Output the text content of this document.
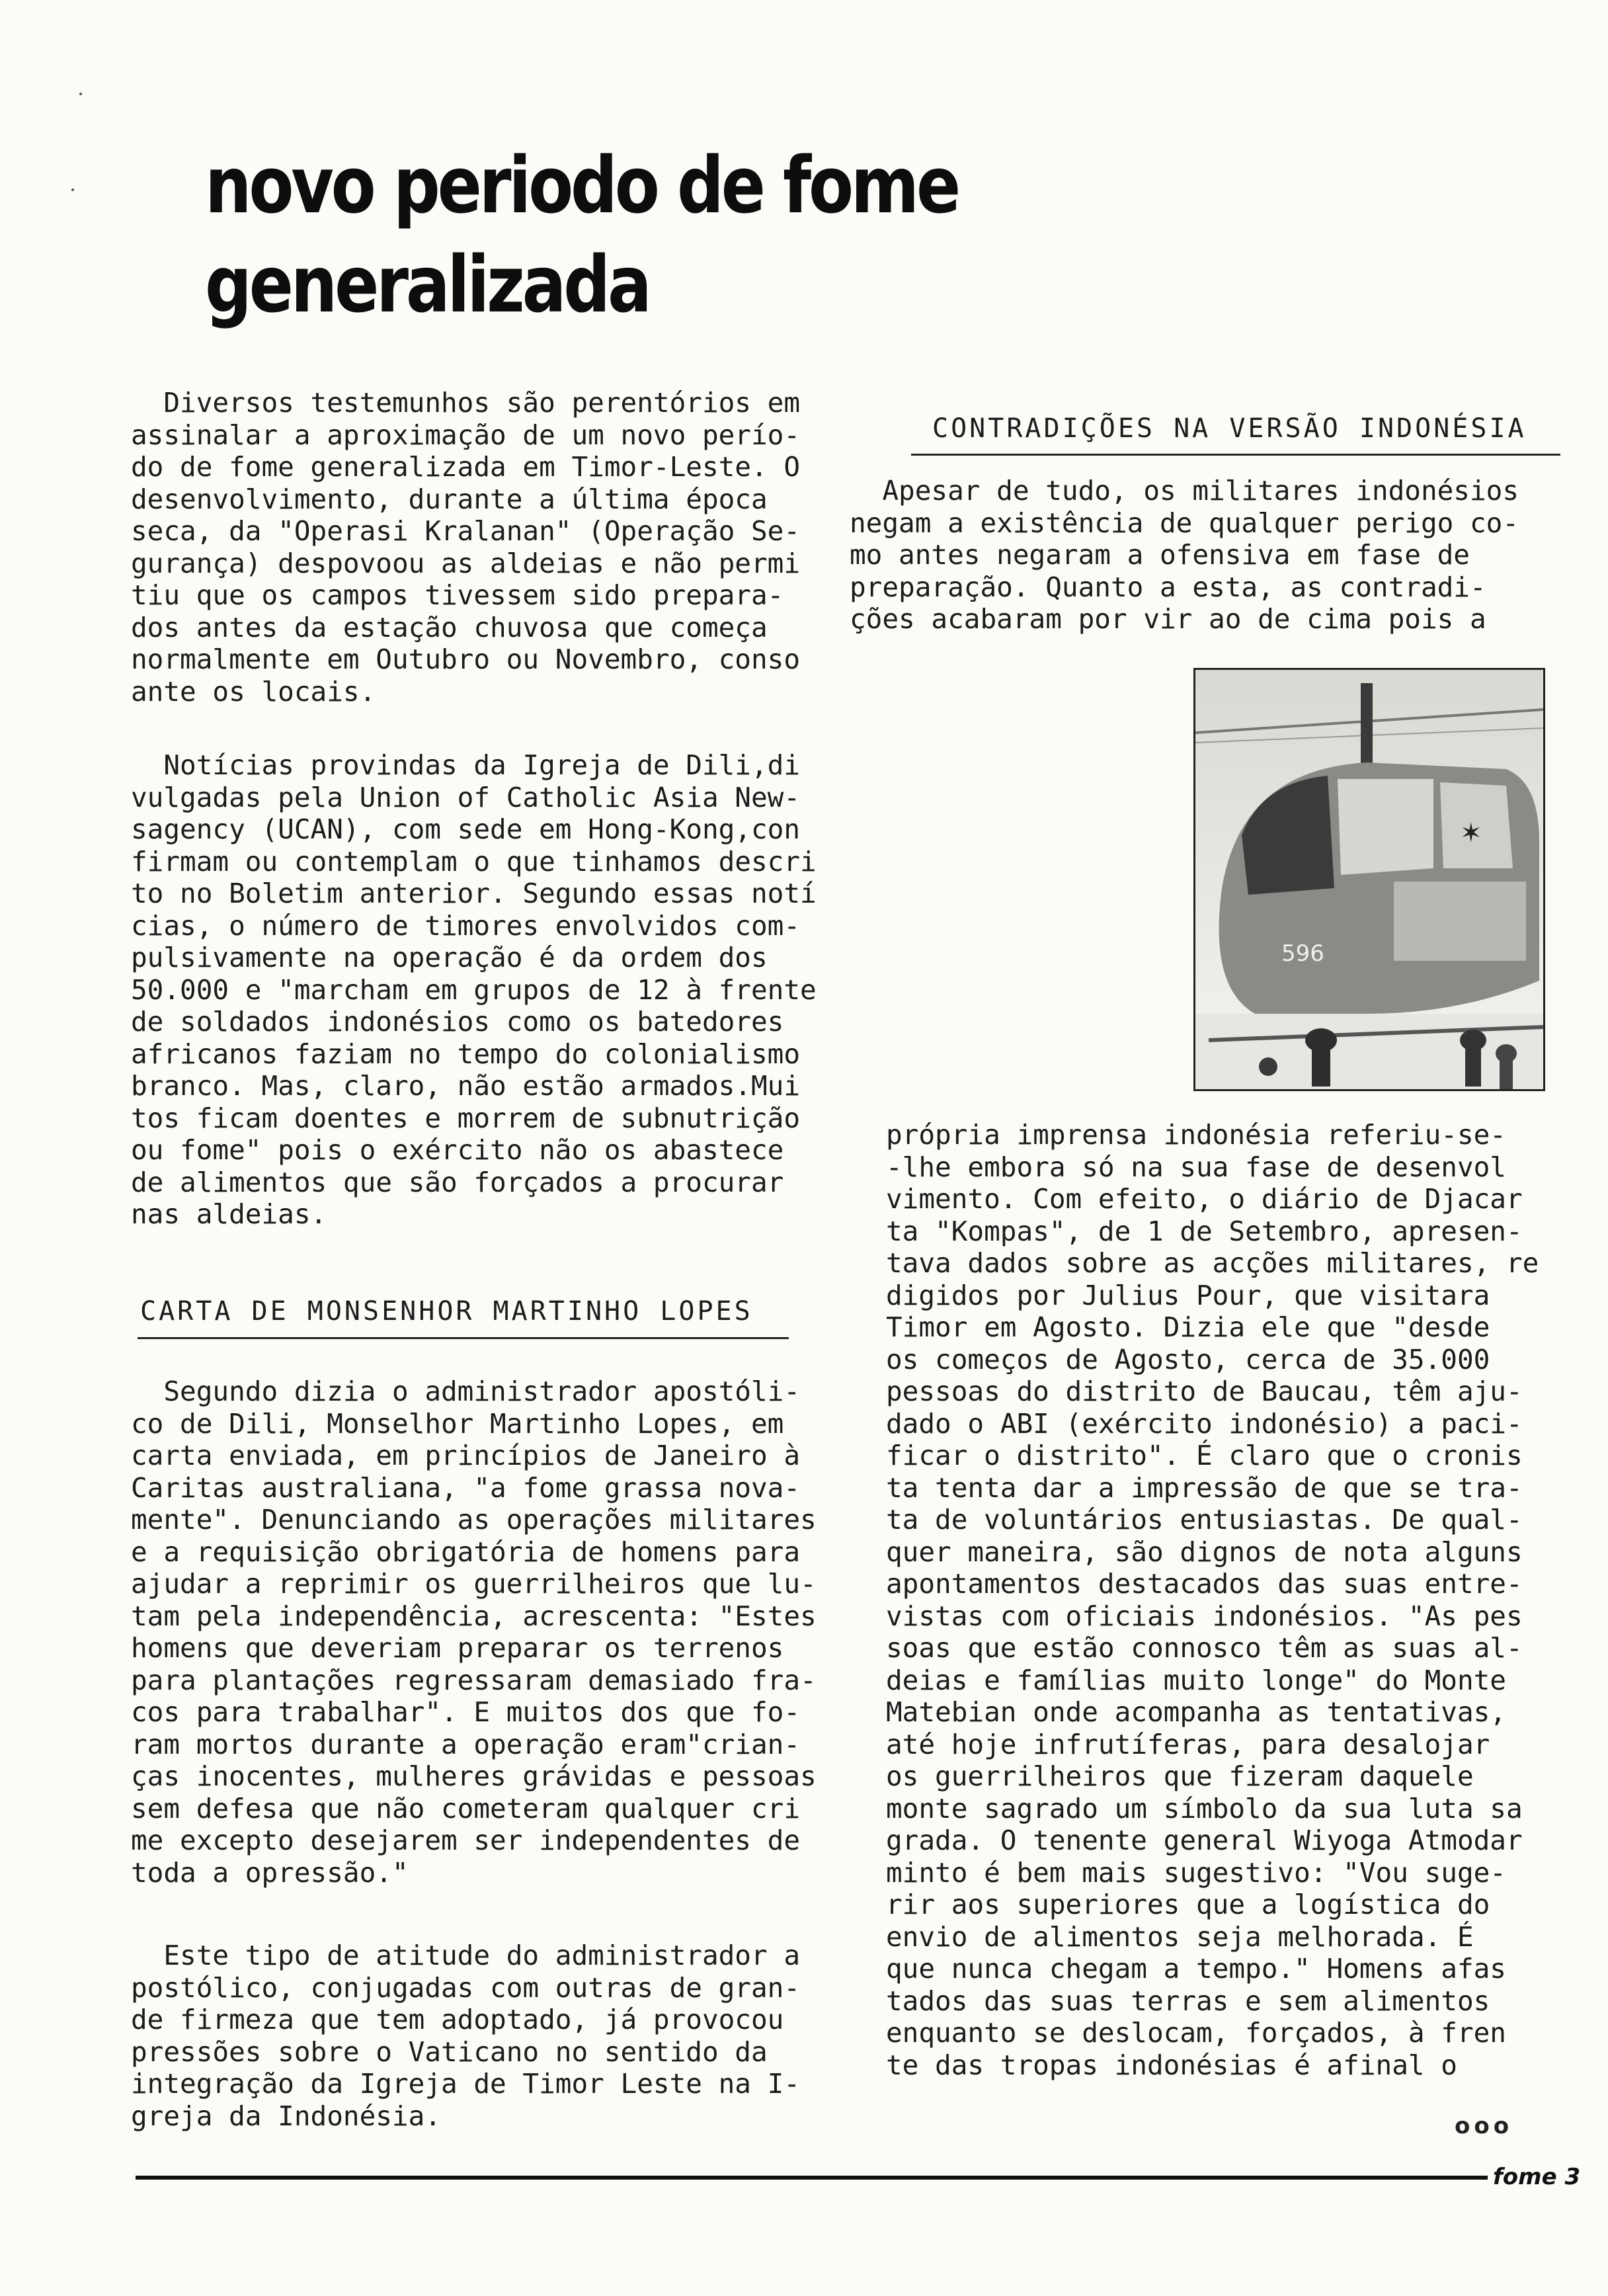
novo periodo de fome
generalizada
Diversos testemunhos são perentórios em
assinalar a aproximação de um novo perío-
do de fome generalizada em Timor-Leste. O
desenvolvimento, durante a última época
seca, da "Operasi Kralanan" (Operação Se-
gurança) despovoou as aldeias e não permi
tiu que os campos tivessem sido prepara-
dos antes da estação chuvosa que começa
normalmente em Outubro ou Novembro, conso
ante os locais.
Notícias provindas da Igreja de Dili,di
vulgadas pela Union of Catholic Asia New-
sagency (UCAN), com sede em Hong-Kong,con
firmam ou contemplam o que tinhamos descri
to no Boletim anterior. Segundo essas notí
cias, o número de timores envolvidos com-
pulsivamente na operação é da ordem dos
50.000 e "marcham em grupos de 12 à frente
de soldados indonésios como os batedores
africanos faziam no tempo do colonialismo
branco. Mas, claro, não estão armados.Mui
tos ficam doentes e morrem de subnutrição
ou fome" pois o exército não os abastece
de alimentos que são forçados a procurar
nas aldeias.
CARTA DE MONSENHOR MARTINHO LOPES
Segundo dizia o administrador apostóli-
co de Dili, Monselhor Martinho Lopes, em
carta enviada, em princípios de Janeiro à
Caritas australiana, "a fome grassa nova-
mente". Denunciando as operações militares
e a requisição obrigatória de homens para
ajudar a reprimir os guerrilheiros que lu-
tam pela independência, acrescenta: "Estes
homens que deveriam preparar os terrenos
para plantações regressaram demasiado fra-
cos para trabalhar". E muitos dos que fo-
ram mortos durante a operação eram"crian-
ças inocentes, mulheres grávidas e pessoas
sem defesa que não cometeram qualquer cri
me excepto desejarem ser independentes de
toda a opressão."
Este tipo de atitude do administrador a
postólico, conjugadas com outras de gran-
de firmeza que tem adoptado, já provocou
pressões sobre o Vaticano no sentido da
integração da Igreja de Timor Leste na I-
greja da Indonésia.
CONTRADIÇÕES NA VERSÃO INDONÉSIA
Apesar de tudo, os militares indonésios
negam a existência de qualquer perigo co-
mo antes negaram a ofensiva em fase de
preparação. Quanto a esta, as contradi-
ções acabaram por vir ao de cima pois a
✶
596
própria imprensa indonésia referiu-se-
-lhe embora só na sua fase de desenvol
vimento. Com efeito, o diário de Djacar
ta "Kompas", de 1 de Setembro, apresen-
tava dados sobre as acções militares, re
digidos por Julius Pour, que visitara
Timor em Agosto. Dizia ele que "desde
os começos de Agosto, cerca de 35.000
pessoas do distrito de Baucau, têm aju-
dado o ABI (exército indonésio) a paci-
ficar o distrito". É claro que o cronis
ta tenta dar a impressão de que se tra-
ta de voluntários entusiastas. De qual-
quer maneira, são dignos de nota alguns
apontamentos destacados das suas entre-
vistas com oficiais indonésios. "As pes
soas que estão connosco têm as suas al-
deias e famílias muito longe" do Monte
Matebian onde acompanha as tentativas,
até hoje infrutíferas, para desalojar
os guerrilheiros que fizeram daquele
monte sagrado um símbolo da sua luta sa
grada. O tenente general Wiyoga Atmodar
minto é bem mais sugestivo: "Vou suge-
rir aos superiores que a logística do
envio de alimentos seja melhorada. É
que nunca chegam a tempo." Homens afas
tados das suas terras e sem alimentos
enquanto se deslocam, forçados, à fren
te das tropas indonésias é afinal o
ooo
fome 3
